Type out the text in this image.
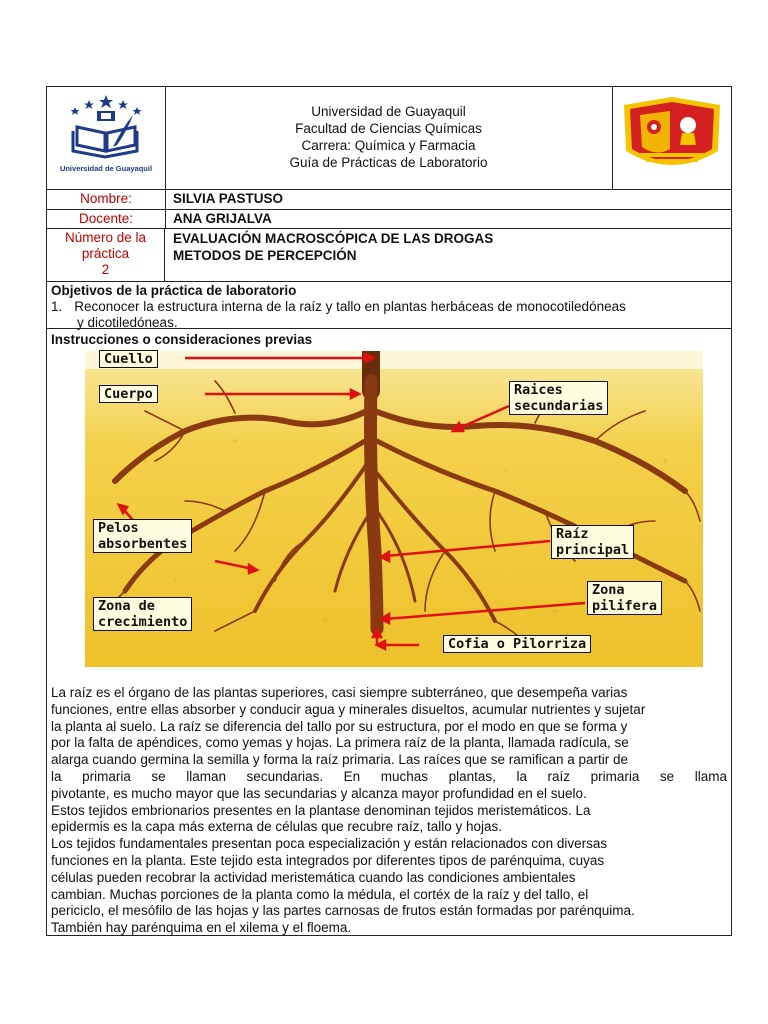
Universidad de Guayaquil
Universidad de Guayaquil
Facultad de Ciencias Químicas
Carrera: Química y Farmacia
Guía de Prácticas de Laboratorio
Nombre:	SILVIA PASTUSO
Docente:	ANA GRIJALVA
Número de la
práctica
2
EVALUACIÓN MACROSCÓPICA DE LAS DROGAS
METODOS DE PERCEPCIÓN
Objetivos de la práctica de laboratorio
1. Reconocer la estructura interna de la raíz y tallo en plantas herbáceas de monocotiledóneas
y dicotiledóneas.
Instrucciones o consideraciones previas
Cuello
Cuerpo	Raices
secundarias
Pelos
absorbentes
Raíz
principal
Zona de
crecimiento
Zona
pilifera
Cofia o Pilorriza

La raíz es el órgano de las plantas superiores, casi siempre subterráneo, que desempeña varias
funciones, entre ellas absorber y conducir agua y minerales disueltos, acumular nutrientes y sujetar
la planta al suelo. La raíz se diferencia del tallo por su estructura, por el modo en que se forma y
por la falta de apéndices, como yemas y hojas. La primera raíz de la planta, llamada radícula, se
alarga cuando germina la semilla y forma la raíz primaria. Las raíces que se ramifican a partir de
la primaria se llaman secundarias. En muchas plantas, la raíz primaria se llama
pivotante, es mucho mayor que las secundarias y alcanza mayor profundidad en el suelo.

Estos tejidos embrionarios presentes en la plantase denominan tejidos meristemáticos. La
epidermis es la capa más externa de células que recubre raíz, tallo y hojas.

Los tejidos fundamentales presentan poca especialización y están relacionados con diversas
funciones en la planta. Este tejido esta integrados por diferentes tipos de parénquima, cuyas
células pueden recobrar la actividad meristemática cuando las condiciones ambientales
cambian. Muchas porciones de la planta como la médula, el cortéx de la raíz y del tallo, el
periciclo, el mesófilo de las hojas y las partes carnosas de frutos están formadas por parénquima.
También hay parénquima en el xilema y el floema.
